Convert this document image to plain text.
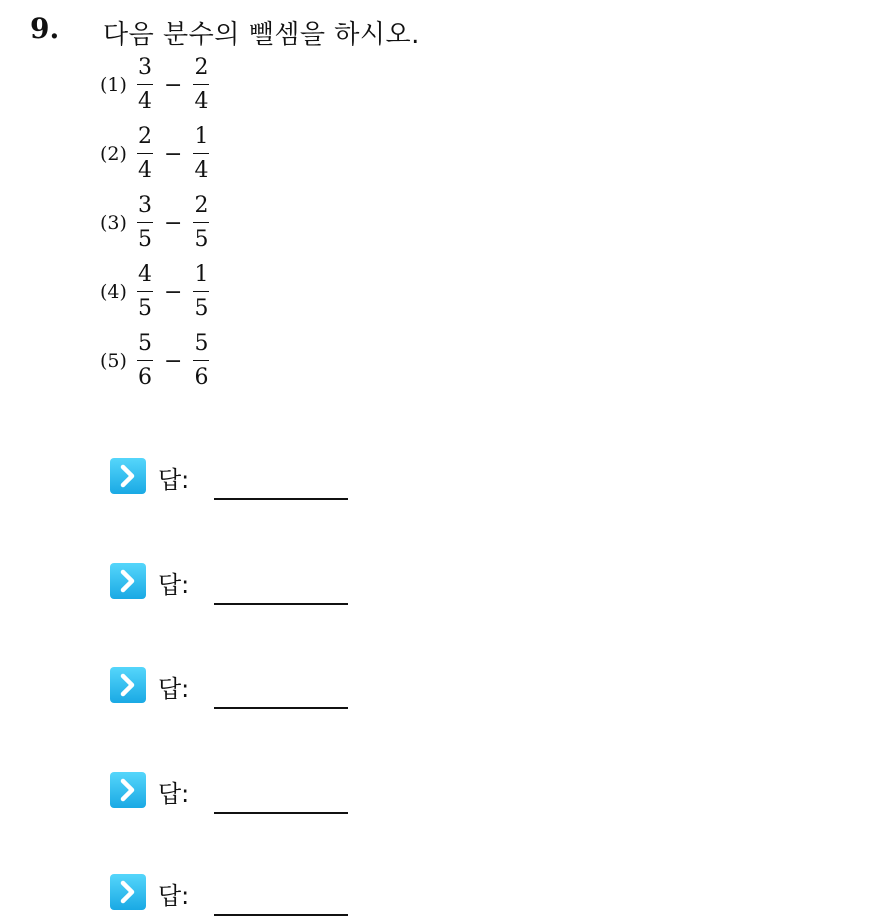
9. 다음 분수의 뺄셈을 하시오.
$(1) \frac{3}{4} - \frac{2}{4}$
$(2) \frac{2}{4} - \frac{1}{4}$
$(3) \frac{3}{5} - \frac{2}{5}$
$(4) \frac{4}{5} - \frac{1}{5}$
$(5) \frac{5}{6} - \frac{5}{6}$
답:
답:
답:
답:
답:
